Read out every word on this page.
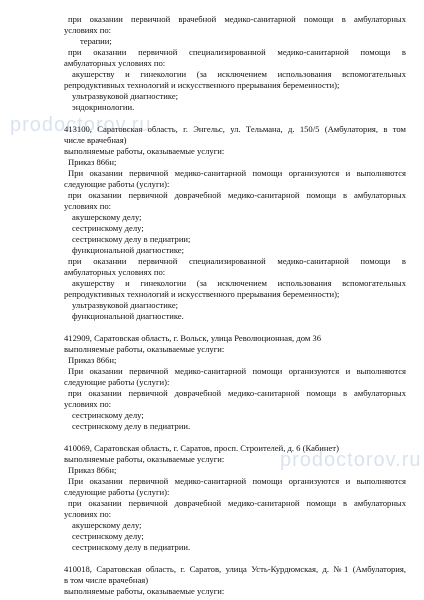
при оказании первичной врачебной медико-санитарной помощи в амбулаторных
условиях по:
терапии;
при оказании первичной специализированной медико-санитарной помощи в
амбулаторных условиях по:
акушерству и гинекологии (за исключением использования вспомогательных
репродуктивных технологий и искусственного прерывания беременности);
ультразвуковой диагностике;
эндокринологии.
413100, Саратовская область, г. Энгельс, ул. Тельмана, д. 150/5 (Амбулатория, в том
числе врачебная)
выполняемые работы, оказываемые услуги:
Приказ 866н;
При оказании первичной медико-санитарной помощи организуются и выполняются
следующие работы (услуги):
при оказании первичной доврачебной медико-санитарной помощи в амбулаторных
условиях по:
акушерскому делу;
сестринскому делу;
сестринскому делу в педиатрии;
функциональной диагностике;
при оказании первичной специализированной медико-санитарной помощи в
амбулаторных условиях по:
акушерству и гинекологии (за исключением использования вспомогательных
репродуктивных технологий и искусственного прерывания беременности);
ультразвуковой диагностике;
функциональной диагностике.
412909, Саратовская область, г. Вольск, улица Революционная, дом 36
выполняемые работы, оказываемые услуги:
Приказ 866н;
При оказании первичной медико-санитарной помощи организуются и выполняются
следующие работы (услуги):
при оказании первичной доврачебной медико-санитарной помощи в амбулаторных
условиях по:
сестринскому делу;
сестринскому делу в педиатрии.
410069, Саратовская область, г. Саратов, просп. Строителей, д. 6 (Кабинет)
выполняемые работы, оказываемые услуги:
Приказ 866н;
При оказании первичной медико-санитарной помощи организуются и выполняются
следующие работы (услуги):
при оказании первичной доврачебной медико-санитарной помощи в амбулаторных
условиях по:
акушерскому делу;
сестринскому делу;
сестринскому делу в педиатрии.
410018, Саратовская область, г. Саратов, улица Усть-Курдюмская, д. №1 (Амбулатория,
в том числе врачебная)
выполняемые работы, оказываемые услуги:
prodoctorov.ru
prodoctorov.ru
